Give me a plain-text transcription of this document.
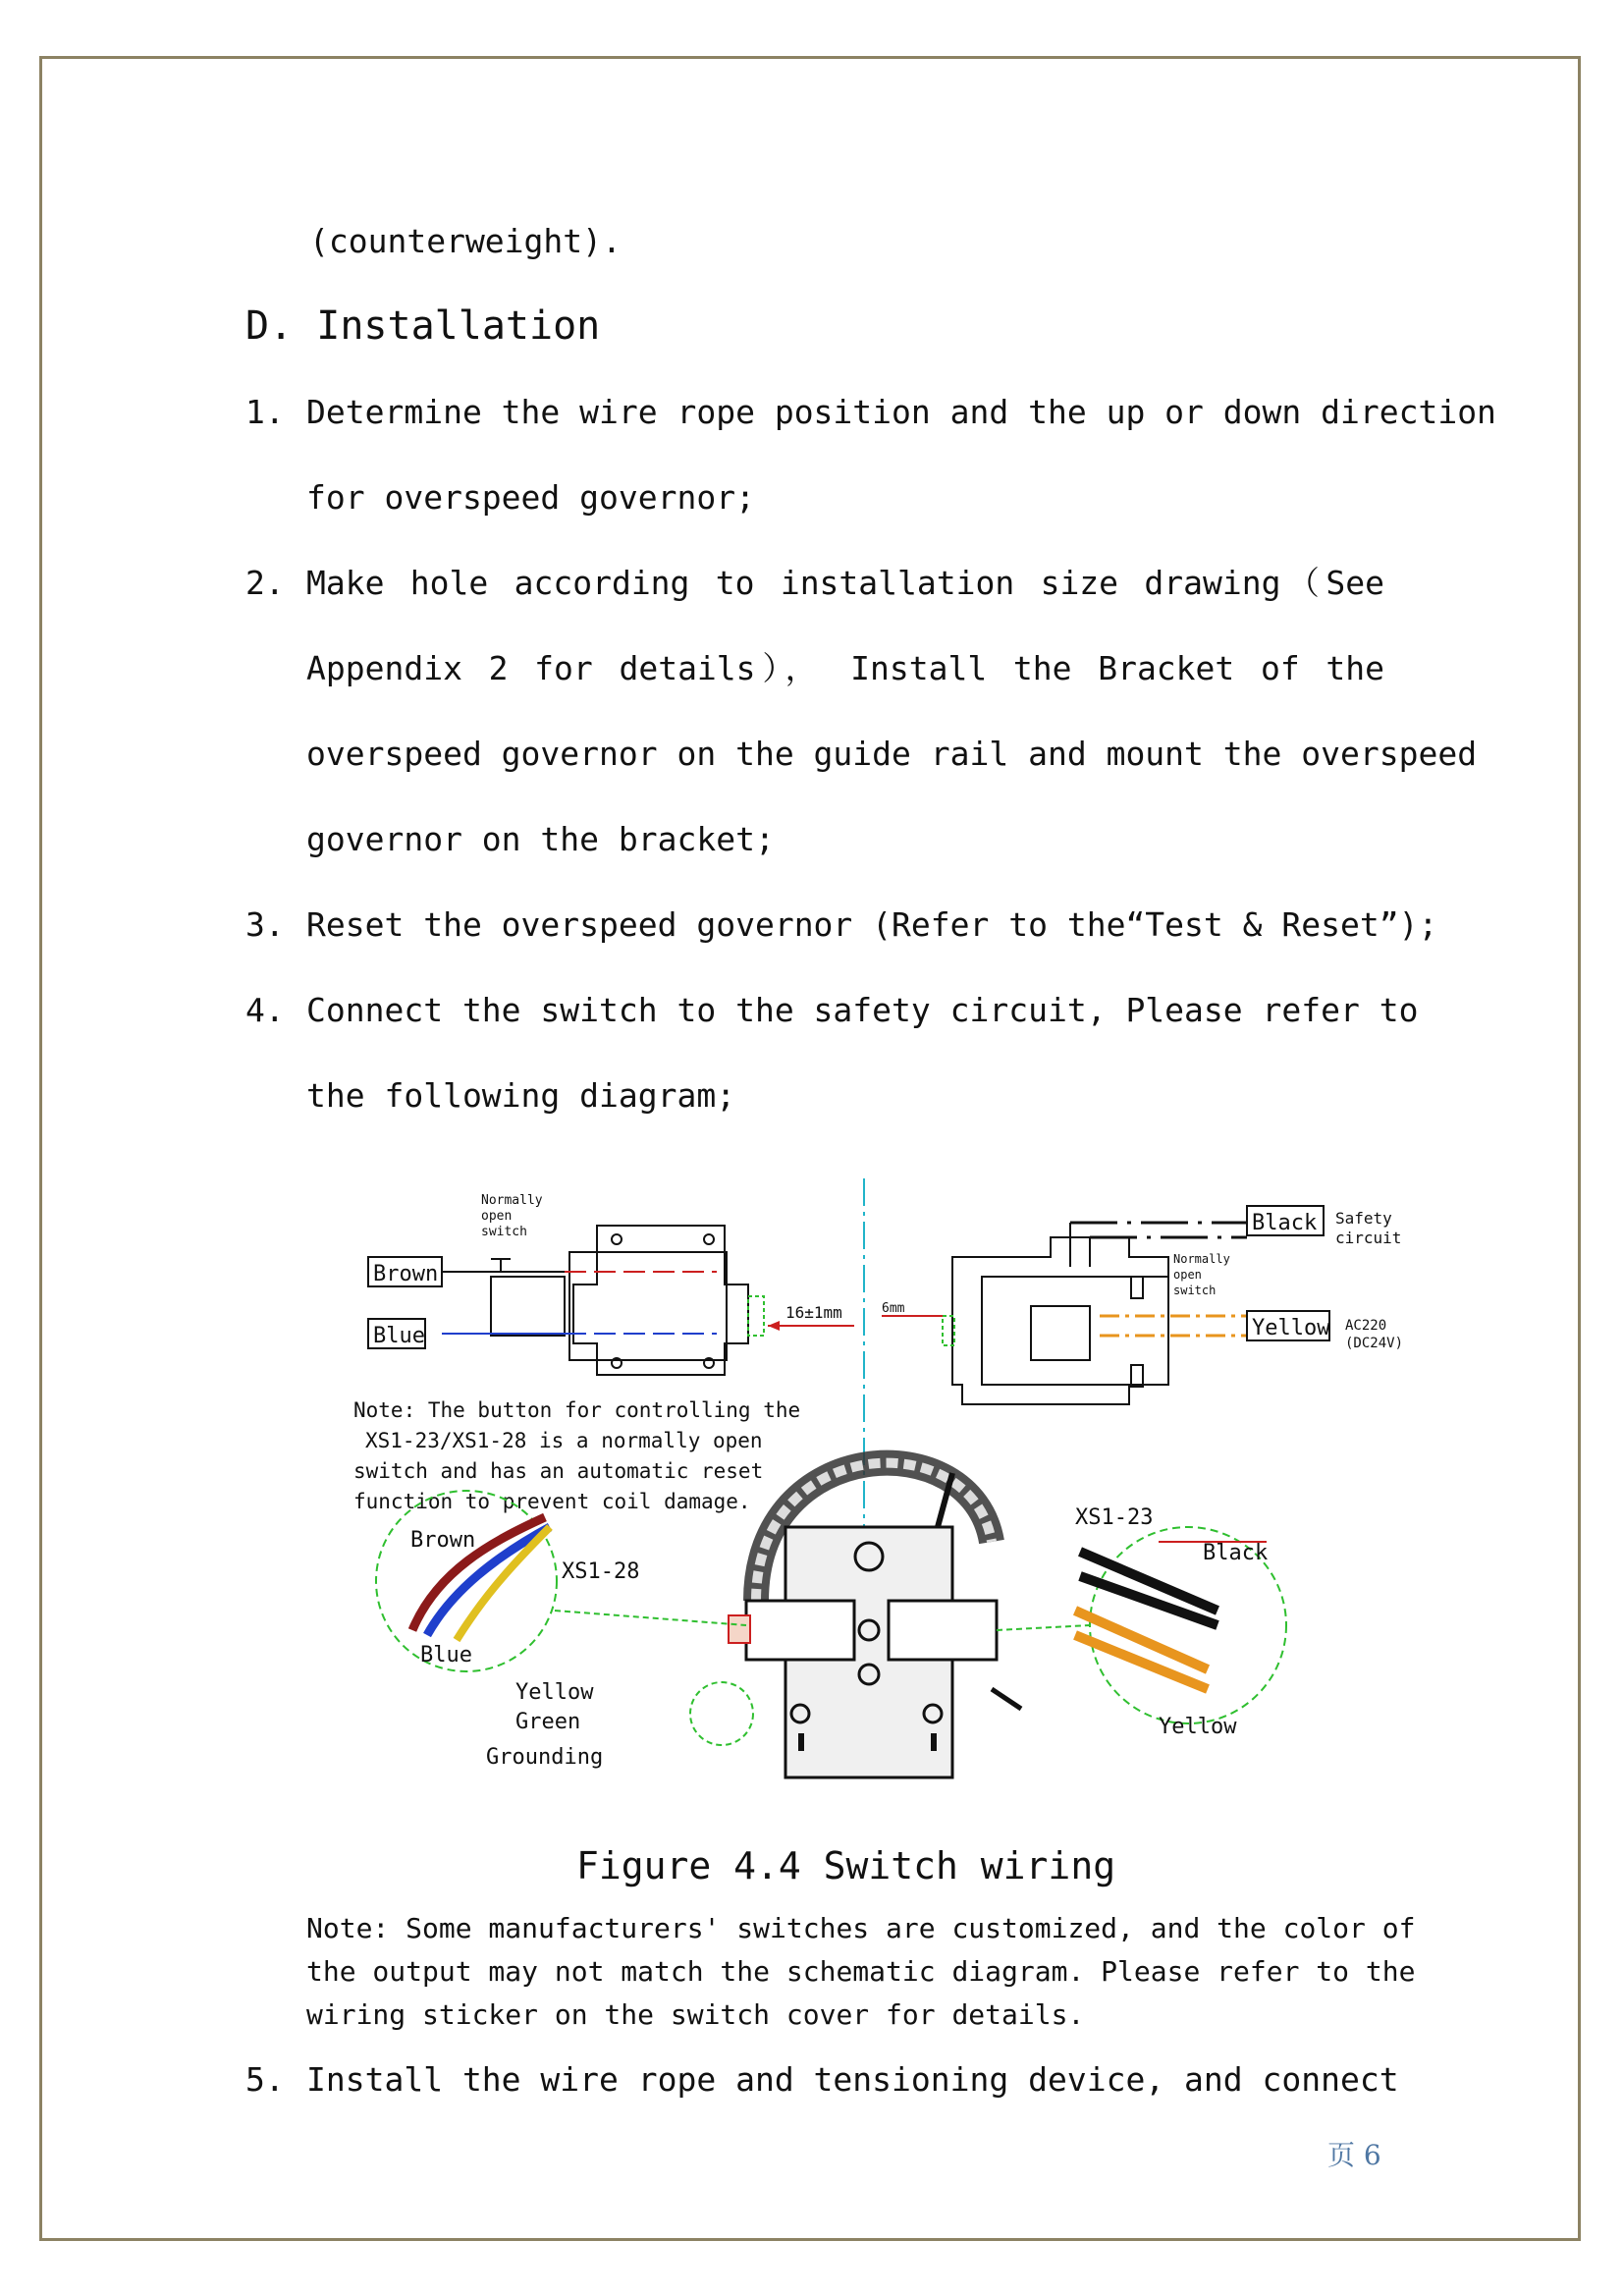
(counterweight).
D. Installation
1. Determine the wire rope position and the up or down direction
for overspeed governor;
2. Make hole according to installation size drawing（See
Appendix 2 for details）， Install the Bracket of the
overspeed governor on the guide rail and mount the overspeed
governor on the bracket;
3. Reset the overspeed governor (Refer to the“Test & Reset”);
4. Connect the switch to the safety circuit, Please refer to
the following diagram;
Normally
open
switch
Brown
Blue
16±1mm	6mm
Normally
open
switch
Black Safety
circuit
Yellow AC220
(DC24V)
Note: The button for controlling the
XS1-23/XS1-28 is a normally open
switch and has an automatic reset
function to prevent coil damage.
Brown
XS1-28
Blue
Yellow
Green
Grounding
XS1-23
Black
Yellow
Figure 4.4 Switch wiring
Note: Some manufacturers' switches are customized, and the color of
the output may not match the schematic diagram. Please refer to the
wiring sticker on the switch cover for details.
5. Install the wire rope and tensioning device, and connect
页 6
